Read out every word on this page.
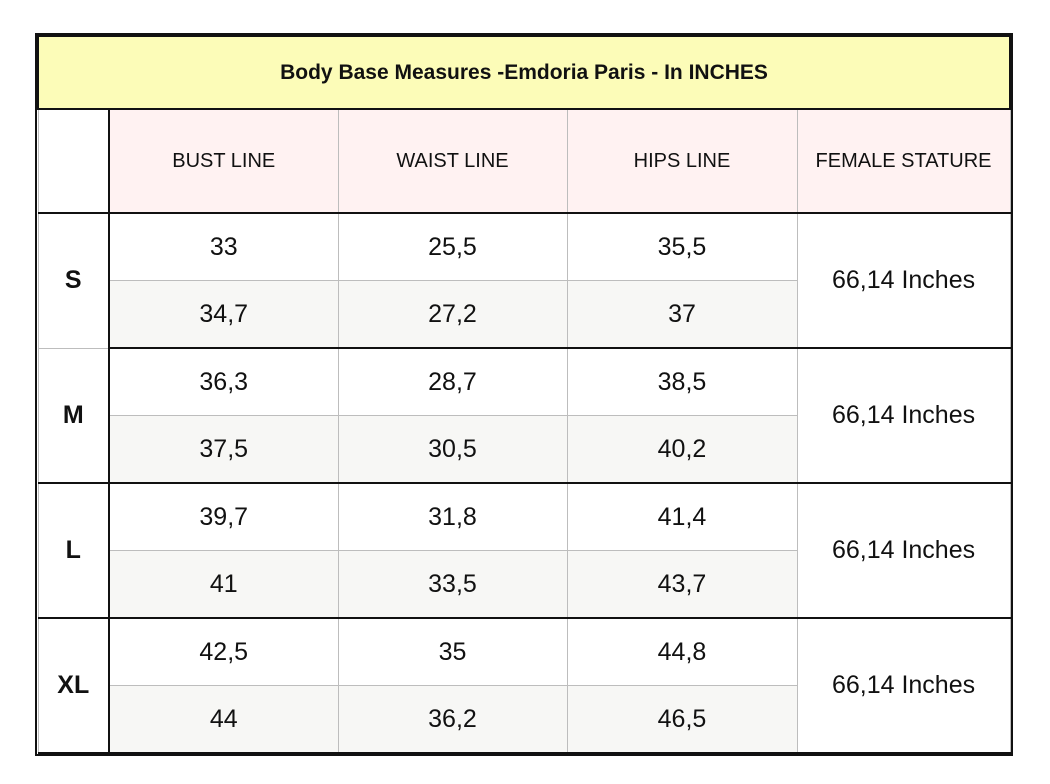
Body Base Measures -Emdoria Paris - In INCHES				
	BUST LINE	WAIST LINE	HIPS LINE	FEMALE STATURE
S	33	25,5	35,5	66,14 Inches
	34,7	27,2	37	
M	36,3	28,7	38,5	66,14 Inches
	37,5	30,5	40,2	
L	39,7	31,8	41,4	66,14 Inches
	41	33,5	43,7	
XL	42,5	35	44,8	66,14 Inches
	44	36,2	46,5	
